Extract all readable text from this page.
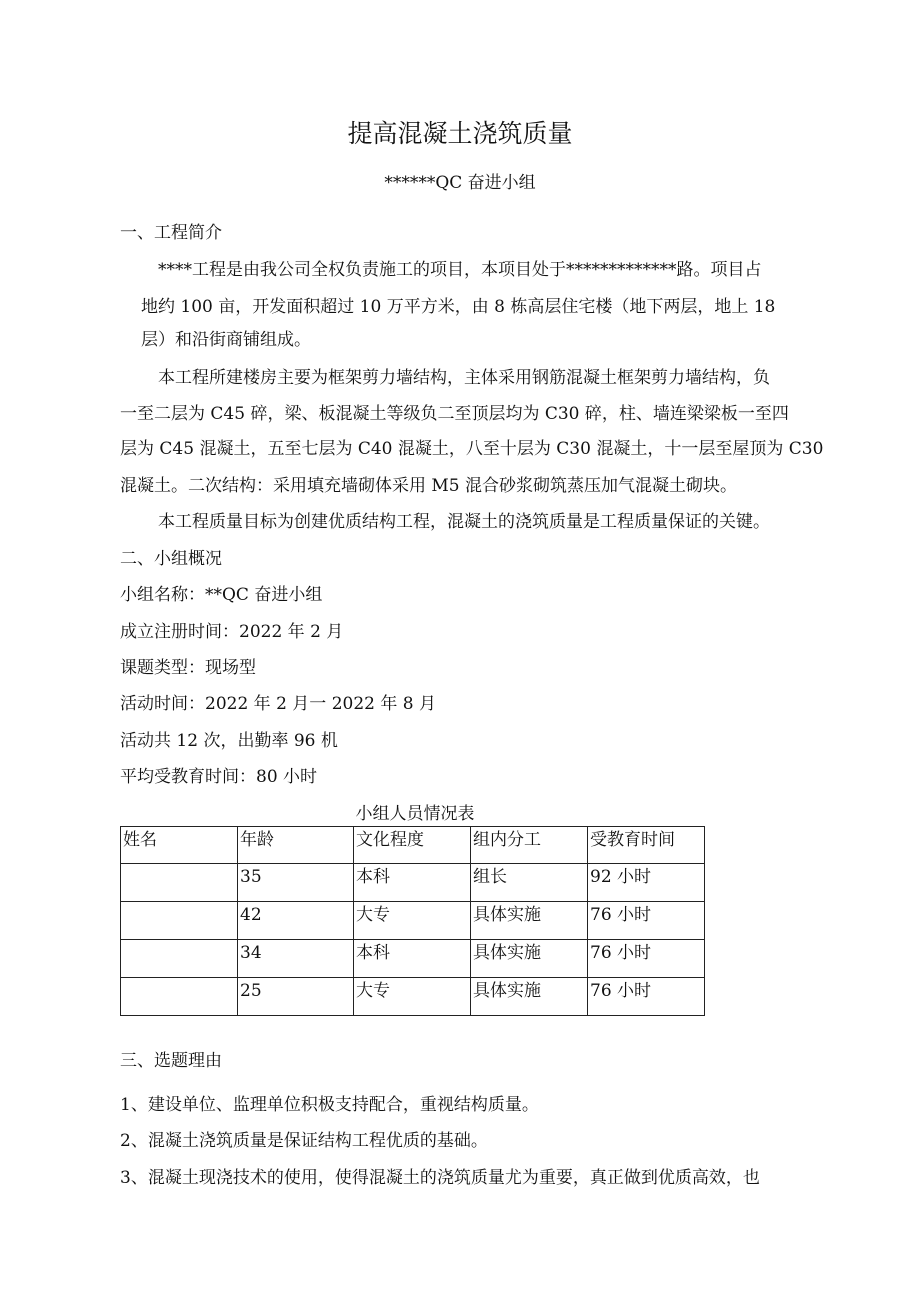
提高混凝土浇筑质量
******QC 奋进小组
一、工程简介
****工程是由我公司全权负责施工的项目，本项目处于*************路。项目占
地约 100 亩，开发面积超过 10 万平方米，由 8 栋高层住宅楼（地下两层，地上 18
层）和沿街商铺组成。
本工程所建楼房主要为框架剪力墙结构，主体采用钢筋混凝土框架剪力墙结构，负
一至二层为 C45 碎，梁、板混凝土等级负二至顶层均为 C30 碎，柱、墙连梁梁板一至四
层为 C45 混凝土，五至七层为 C40 混凝土，八至十层为 C30 混凝土，十一层至屋顶为 C30
混凝土。二次结构：采用填充墙砌体采用 M5 混合砂浆砌筑蒸压加气混凝土砌块。
本工程质量目标为创建优质结构工程，混凝土的浇筑质量是工程质量保证的关键。
二、小组概况
小组名称：**QC 奋进小组
成立注册时间：2022 年 2 月
课题类型：现场型
活动时间：2022 年 2 月一 2022 年 8 月
活动共 12 次，出勤率 96 机
平均受教育时间：80 小时
小组人员情况表
姓名	年龄	文化程度	组内分工	受教育时间
	35	本科	组长	92 小时
	42	大专	具体实施	76 小时
	34	本科	具体实施	76 小时
	25	大专	具体实施	76 小时
三、选题理由
1、建设单位、监理单位积极支持配合，重视结构质量。
2、混凝土浇筑质量是保证结构工程优质的基础。
3、混凝土现浇技术的使用，使得混凝土的浇筑质量尤为重要，真正做到优质高效，也
